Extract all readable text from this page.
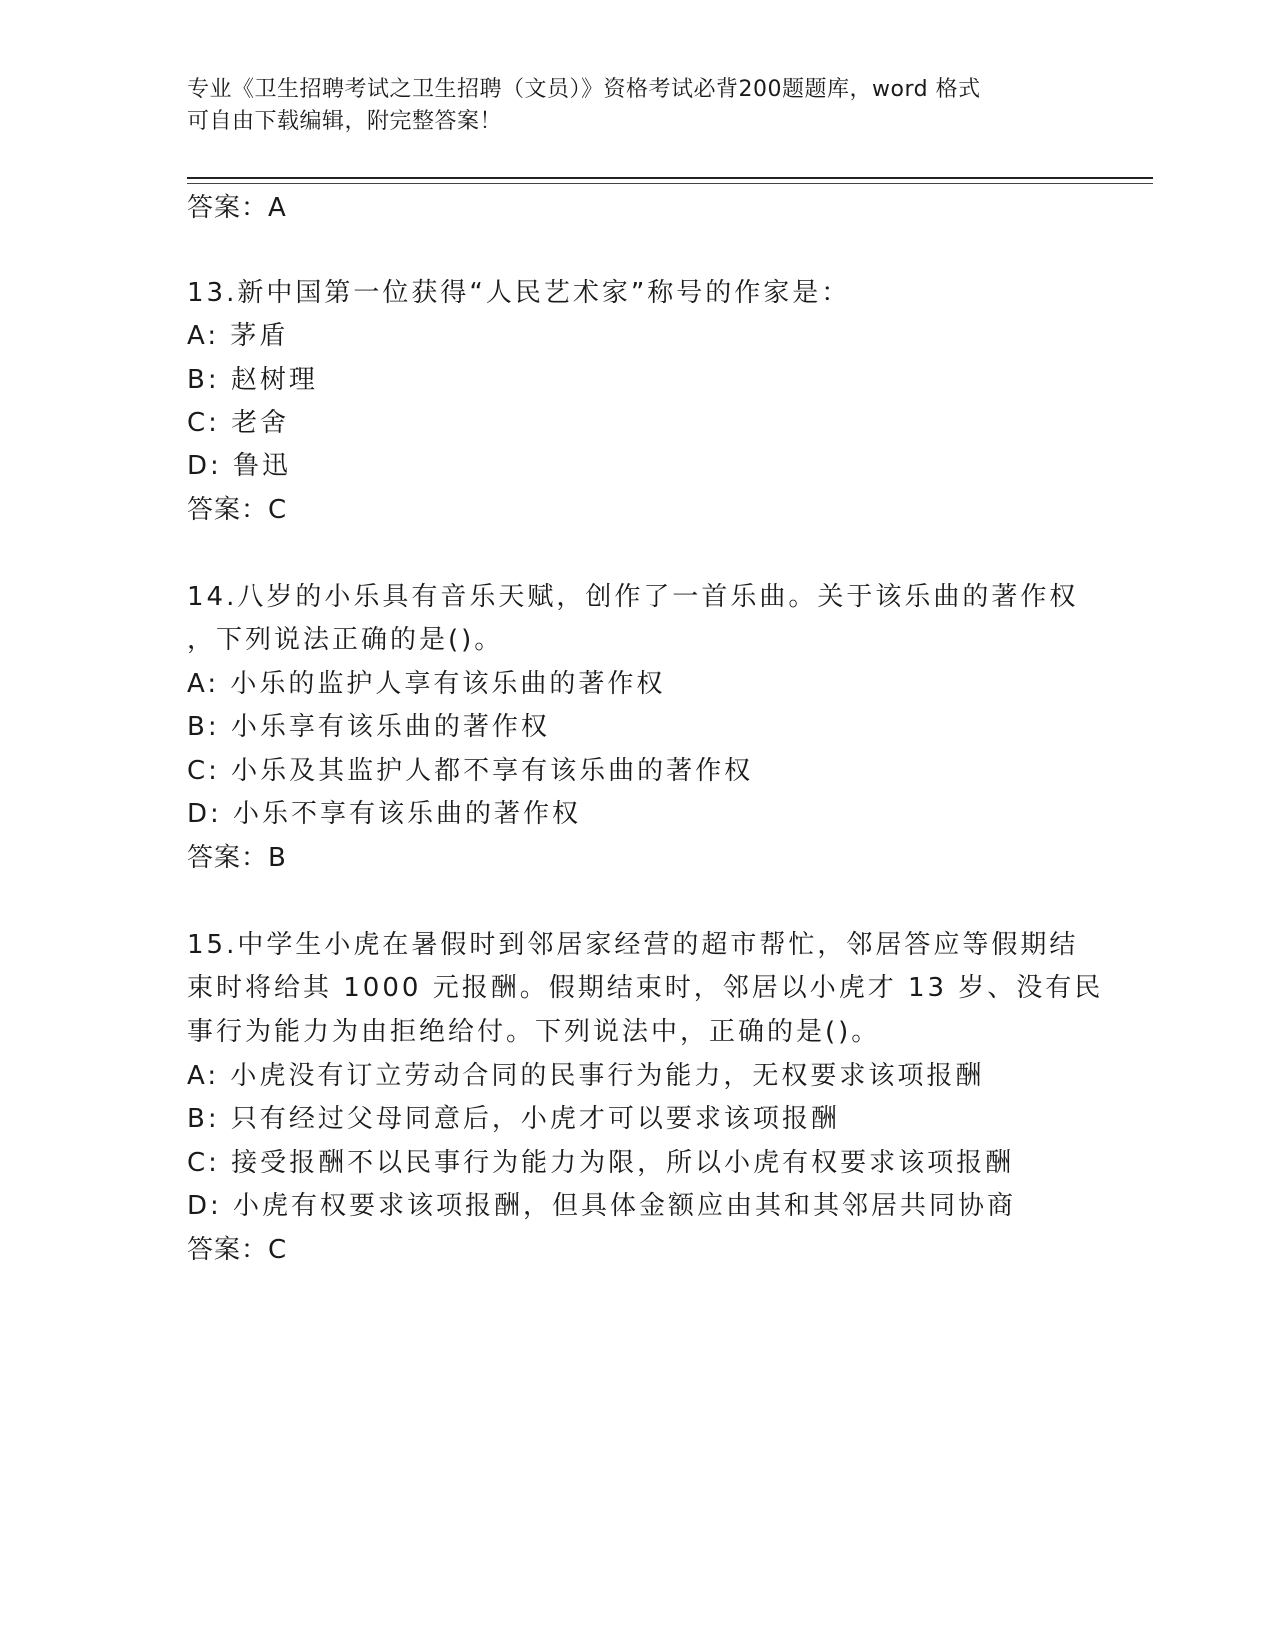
专业《卫生招聘考试之卫生招聘（文员）》资格考试必背200题题库，word 格式
可自由下载编辑，附完整答案！
答案：A
13.新中国第一位获得“人民艺术家”称号的作家是：
A: 茅盾
B: 赵树理
C: 老舍
D: 鲁迅
答案：C
14.八岁的小乐具有音乐天赋，创作了一首乐曲。关于该乐曲的著作权
，下列说法正确的是()。
A: 小乐的监护人享有该乐曲的著作权
B: 小乐享有该乐曲的著作权
C: 小乐及其监护人都不享有该乐曲的著作权
D: 小乐不享有该乐曲的著作权
答案：B
15.中学生小虎在暑假时到邻居家经营的超市帮忙，邻居答应等假期结
束时将给其 1000 元报酬。假期结束时，邻居以小虎才 13 岁、没有民
事行为能力为由拒绝给付。下列说法中，正确的是()。
A: 小虎没有订立劳动合同的民事行为能力，无权要求该项报酬
B: 只有经过父母同意后，小虎才可以要求该项报酬
C: 接受报酬不以民事行为能力为限，所以小虎有权要求该项报酬
D: 小虎有权要求该项报酬，但具体金额应由其和其邻居共同协商
答案：C
